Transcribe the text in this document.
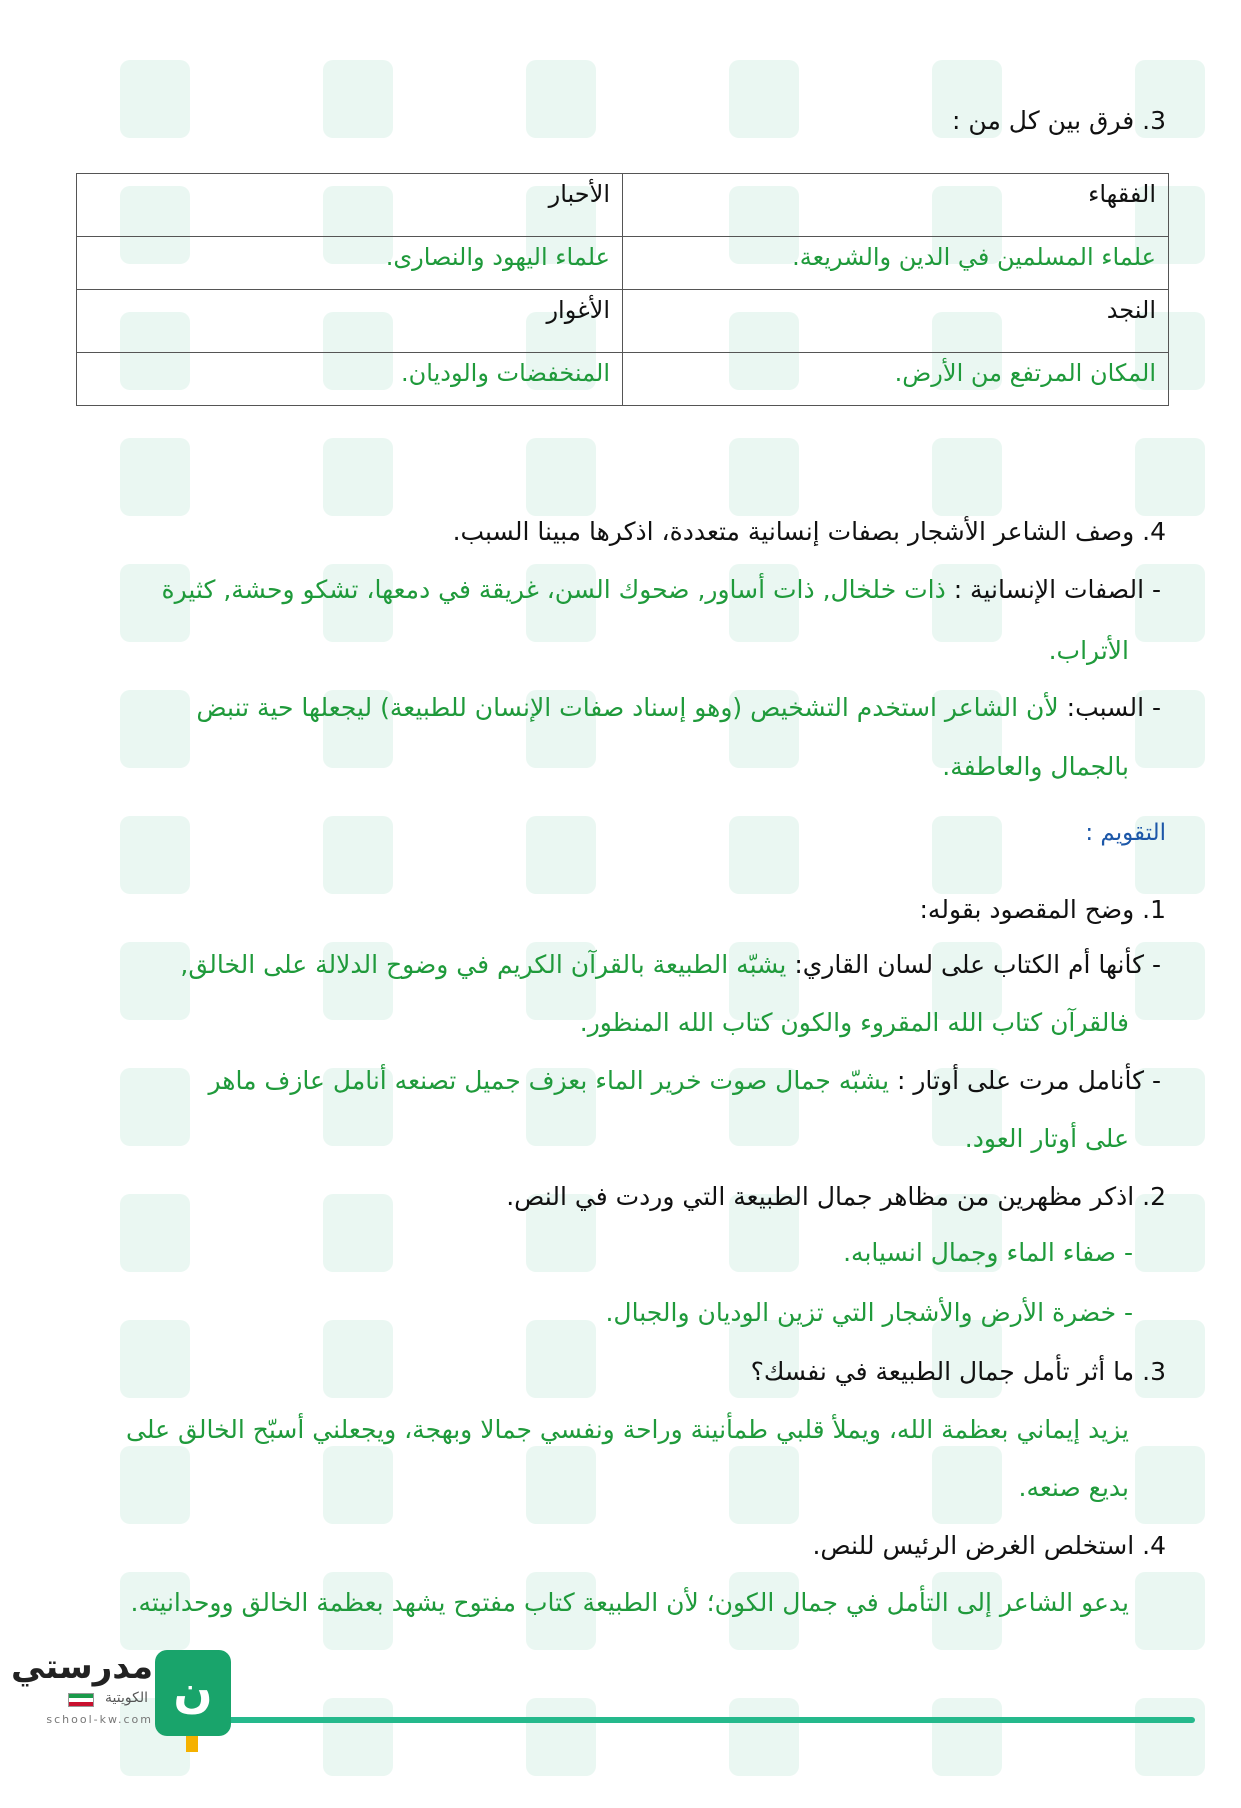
3. فرق بين كل من :
الفقهاء	الأحبار
علماء المسلمين في الدين والشريعة.	علماء اليهود والنصارى.
النجد	الأغوار
المكان المرتفع من الأرض.	المنخفضات والوديان.
4. وصف الشاعر الأشجار بصفات إنسانية متعددة، اذكرها مبينا السبب.
- الصفات الإنسانية : ذات خلخال, ذات أساور, ضحوك السن، غريقة في دمعها، تشكو وحشة, كثيرة
الأتراب.
- السبب: لأن الشاعر استخدم التشخيص (وهو إسناد صفات الإنسان للطبيعة) ليجعلها حية تنبض
بالجمال والعاطفة.
التقويم :
1. وضح المقصود بقوله:
- كأنها أم الكتاب على لسان القاري: يشبّه الطبيعة بالقرآن الكريم في وضوح الدلالة على الخالق,
فالقرآن كتاب الله المقروء والكون كتاب الله المنظور.
- كأنامل مرت على أوتار : يشبّه جمال صوت خرير الماء بعزف جميل تصنعه أنامل عازف ماهر
على أوتار العود.
2. اذكر مظهرين من مظاهر جمال الطبيعة التي وردت في النص.
- صفاء الماء وجمال انسيابه.
- خضرة الأرض والأشجار التي تزين الوديان والجبال.
3. ما أثر تأمل جمال الطبيعة في نفسك؟
يزيد إيماني بعظمة الله، ويملأ قلبي طمأنينة وراحة ونفسي جمالا وبهجة، ويجعلني أسبّح الخالق على
بديع صنعه.
4. استخلص الغرض الرئيس للنص.
يدعو الشاعر إلى التأمل في جمال الكون؛ لأن الطبيعة كتاب مفتوح يشهد بعظمة الخالق ووحدانيته.
ن
مدرستي
الكويتية
school-kw.com
